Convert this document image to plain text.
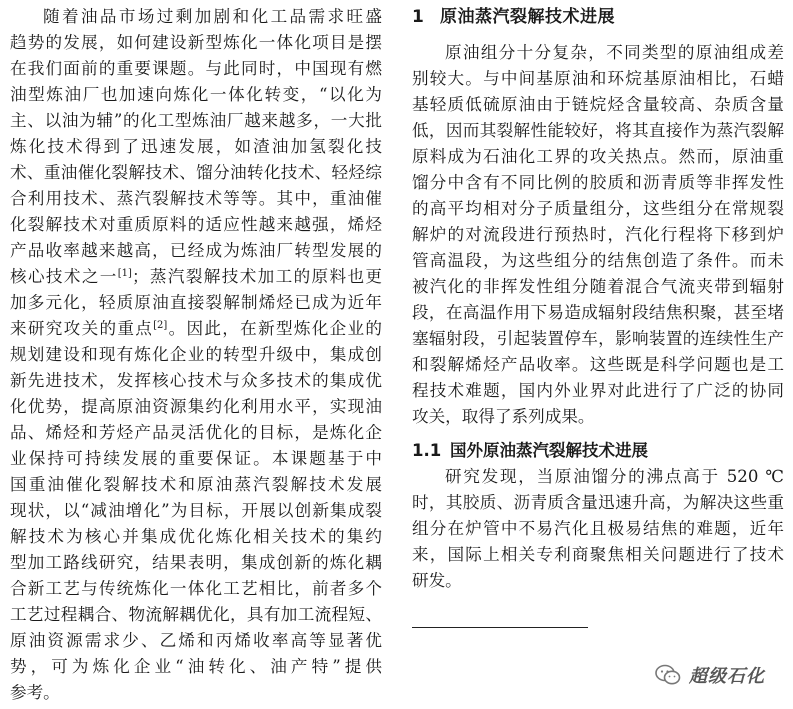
随着油品市场过剩加剧和化工品需求旺盛
趋势的发展，如何建设新型炼化一体化项目是摆
在我们面前的重要课题。与此同时，中国现有燃
油型炼油厂也加速向炼化一体化转变，“以化为
主、以油为辅”的化工型炼油厂越来越多，一大批
炼化技术得到了迅速发展，如渣油加氢裂化技
术、重油催化裂解技术、馏分油转化技术、轻烃综
合利用技术、蒸汽裂解技术等等。其中，重油催
化裂解技术对重质原料的适应性越来越强，烯烃
产品收率越来越高，已经成为炼油厂转型发展的
核心技术之一[1]；蒸汽裂解技术加工的原料也更
加多元化，轻质原油直接裂解制烯烃已成为近年
来研究攻关的重点[2]。因此，在新型炼化企业的
规划建设和现有炼化企业的转型升级中，集成创
新先进技术，发挥核心技术与众多技术的集成优
化优势，提高原油资源集约化利用水平，实现油
品、烯烃和芳烃产品灵活优化的目标，是炼化企
业保持可持续发展的重要保证。本课题基于中
国重油催化裂解技术和原油蒸汽裂解技术发展
现状，以“减油增化”为目标，开展以创新集成裂
解技术为核心并集成优化炼化相关技术的集约
型加工路线研究，结果表明，集成创新的炼化耦
合新工艺与传统炼化一体化工艺相比，前者多个
工艺过程耦合、物流解耦优化，具有加工流程短、
原油资源需求少、乙烯和丙烯收率高等显著优
势，可为炼化企业“油转化、油产特”提供
参考。
1 原油蒸汽裂解技术进展
原油组分十分复杂，不同类型的原油组成差
别较大。与中间基原油和环烷基原油相比，石蜡
基轻质低硫原油由于链烷烃含量较高、杂质含量
低，因而其裂解性能较好，将其直接作为蒸汽裂解
原料成为石油化工界的攻关热点。然而，原油重
馏分中含有不同比例的胶质和沥青质等非挥发性
的高平均相对分子质量组分，这些组分在常规裂
解炉的对流段进行预热时，汽化行程将下移到炉
管高温段，为这些组分的结焦创造了条件。而未
被汽化的非挥发性组分随着混合气流夹带到辐射
段，在高温作用下易造成辐射段结焦积聚，甚至堵
塞辐射段，引起装置停车，影响装置的连续性生产
和裂解烯烃产品收率。这些既是科学问题也是工
程技术难题，国内外业界对此进行了广泛的协同
攻关，取得了系列成果。
1.1 国外原油蒸汽裂解技术进展
研究发现，当原油馏分的沸点高于 520 ℃
时，其胶质、沥青质含量迅速升高，为解决这些重
组分在炉管中不易汽化且极易结焦的难题，近年
来，国际上相关专利商聚焦相关问题进行了技术
研发。
超级石化
